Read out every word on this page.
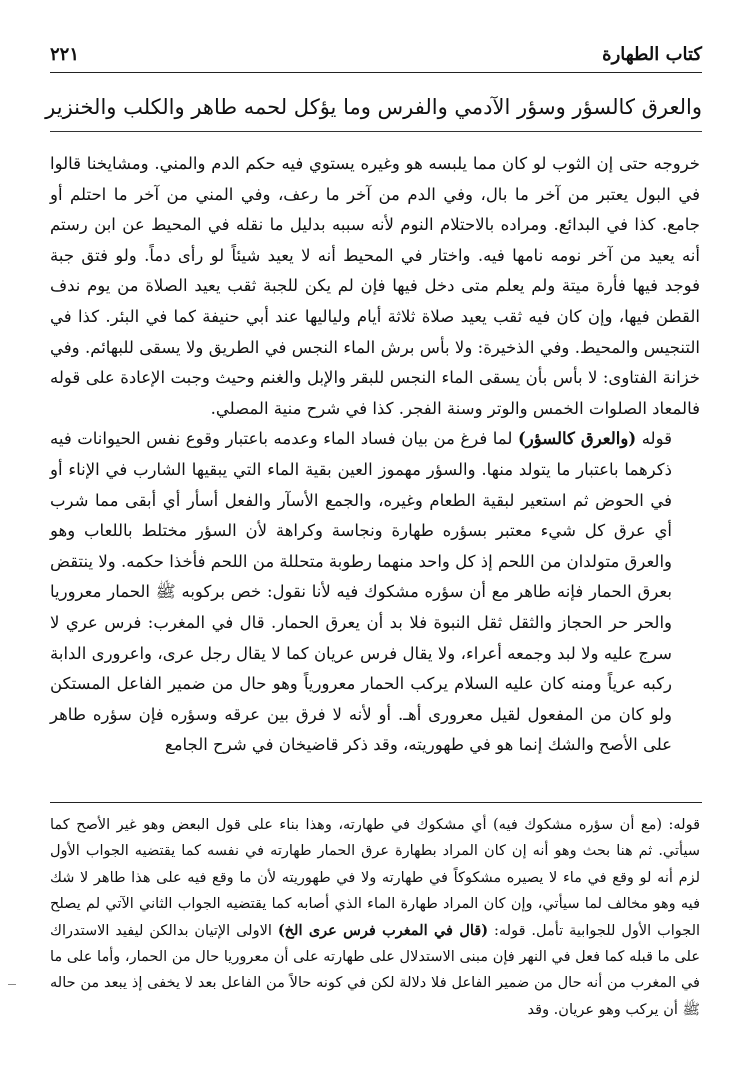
كتاب الطهارة
٢٢١
والعرق كالسؤر وسؤر الآدمي والفرس وما يؤكل لحمه طاهر والكلب والخنزير

خروجه حتى إن الثوب لو كان مما يلبسه هو وغيره يستوي فيه حكم الدم والمني. ومشايخنا قالوا في البول يعتبر من آخر ما بال، وفي الدم من آخر ما رعف، وفي المني من آخر ما احتلم أو جامع. كذا في البدائع. ومراده بالاحتلام النوم لأنه سببه بدليل ما نقله في المحيط عن ابن رستم أنه يعيد من آخر نومه نامها فيه. واختار في المحيط أنه لا يعيد شيئاً لو رأى دماً. ولو فتق جبة فوجد فيها فأرة ميتة ولم يعلم متى دخل فيها فإن لم يكن للجبة ثقب يعيد الصلاة من يوم ندف القطن فيها، وإن كان فيه ثقب يعيد صلاة ثلاثة أيام ولياليها عند أبي حنيفة كما في البئر. كذا في التنجيس والمحيط. وفي الذخيرة: ولا بأس برش الماء النجس في الطريق ولا يسقى للبهائم. وفي خزانة الفتاوى: لا بأس بأن يسقى الماء النجس للبقر والإبل والغنم وحيث وجبت الإعادة على قوله فالمعاد الصلوات الخمس والوتر وسنة الفجر. كذا في شرح منية المصلي.

قوله (والعرق كالسؤر) لما فرغ من بيان فساد الماء وعدمه باعتبار وقوع نفس الحيوانات فيه ذكرهما باعتبار ما يتولد منها. والسؤر مهموز العين بقية الماء التي يبقيها الشارب في الإناء أو في الحوض ثم استعير لبقية الطعام وغيره، والجمع الأسآر والفعل أسأر أي أبقى مما شرب أي عرق كل شيء معتبر بسؤره طهارة ونجاسة وكراهة لأن السؤر مختلط باللعاب وهو والعرق متولدان من اللحم إذ كل واحد منهما رطوبة متحللة من اللحم فأخذا حكمه. ولا ينتقض بعرق الحمار فإنه طاهر مع أن سؤره مشكوك فيه لأنا نقول: خص بركوبه ﷺ الحمار معروريا والحر حر الحجاز والثقل ثقل النبوة فلا بد أن يعرق الحمار. قال في المغرب: فرس عري لا سرج عليه ولا لبد وجمعه أعراء، ولا يقال فرس عريان كما لا يقال رجل عرى، واعرورى الدابة ركبه عرياً ومنه كان عليه السلام يركب الحمار معرورياً وهو حال من ضمير الفاعل المستكن ولو كان من المفعول لقيل معرورى أهـ. أو لأنه لا فرق بين عرقه وسؤره فإن سؤره طاهر على الأصح والشك إنما هو في طهوريته، وقد ذكر قاضيخان في شرح الجامع

قوله: (مع أن سؤره مشكوك فيه) أي مشكوك في طهارته، وهذا بناء على قول البعض وهو غير الأصح كما سيأتي. ثم هنا بحث وهو أنه إن كان المراد بطهارة عرق الحمار طهارته في نفسه كما يقتضيه الجواب الأول لزم أنه لو وقع في ماء لا يصيره مشكوكاً في طهارته ولا في طهوريته لأن ما وقع فيه على هذا طاهر لا شك فيه وهو مخالف لما سيأتي، وإن كان المراد طهارة الماء الذي أصابه كما يقتضيه الجواب الثاني الآتي لم يصلح الجواب الأول للجوابية تأمل. قوله: (قال في المغرب فرس عرى الخ) الاولى الإتيان بدالكن ليفيد الاستدراك على ما قبله كما فعل في النهر فإن مبنى الاستدلال على طهارته على أن معروريا حال من الحمار، وأما على ما في المغرب من أنه حال من ضمير الفاعل فلا دلالة لكن في كونه حالاً من الفاعل بعد لا يخفى إذ يبعد من حاله ﷺ أن يركب وهو عريان. وقد
